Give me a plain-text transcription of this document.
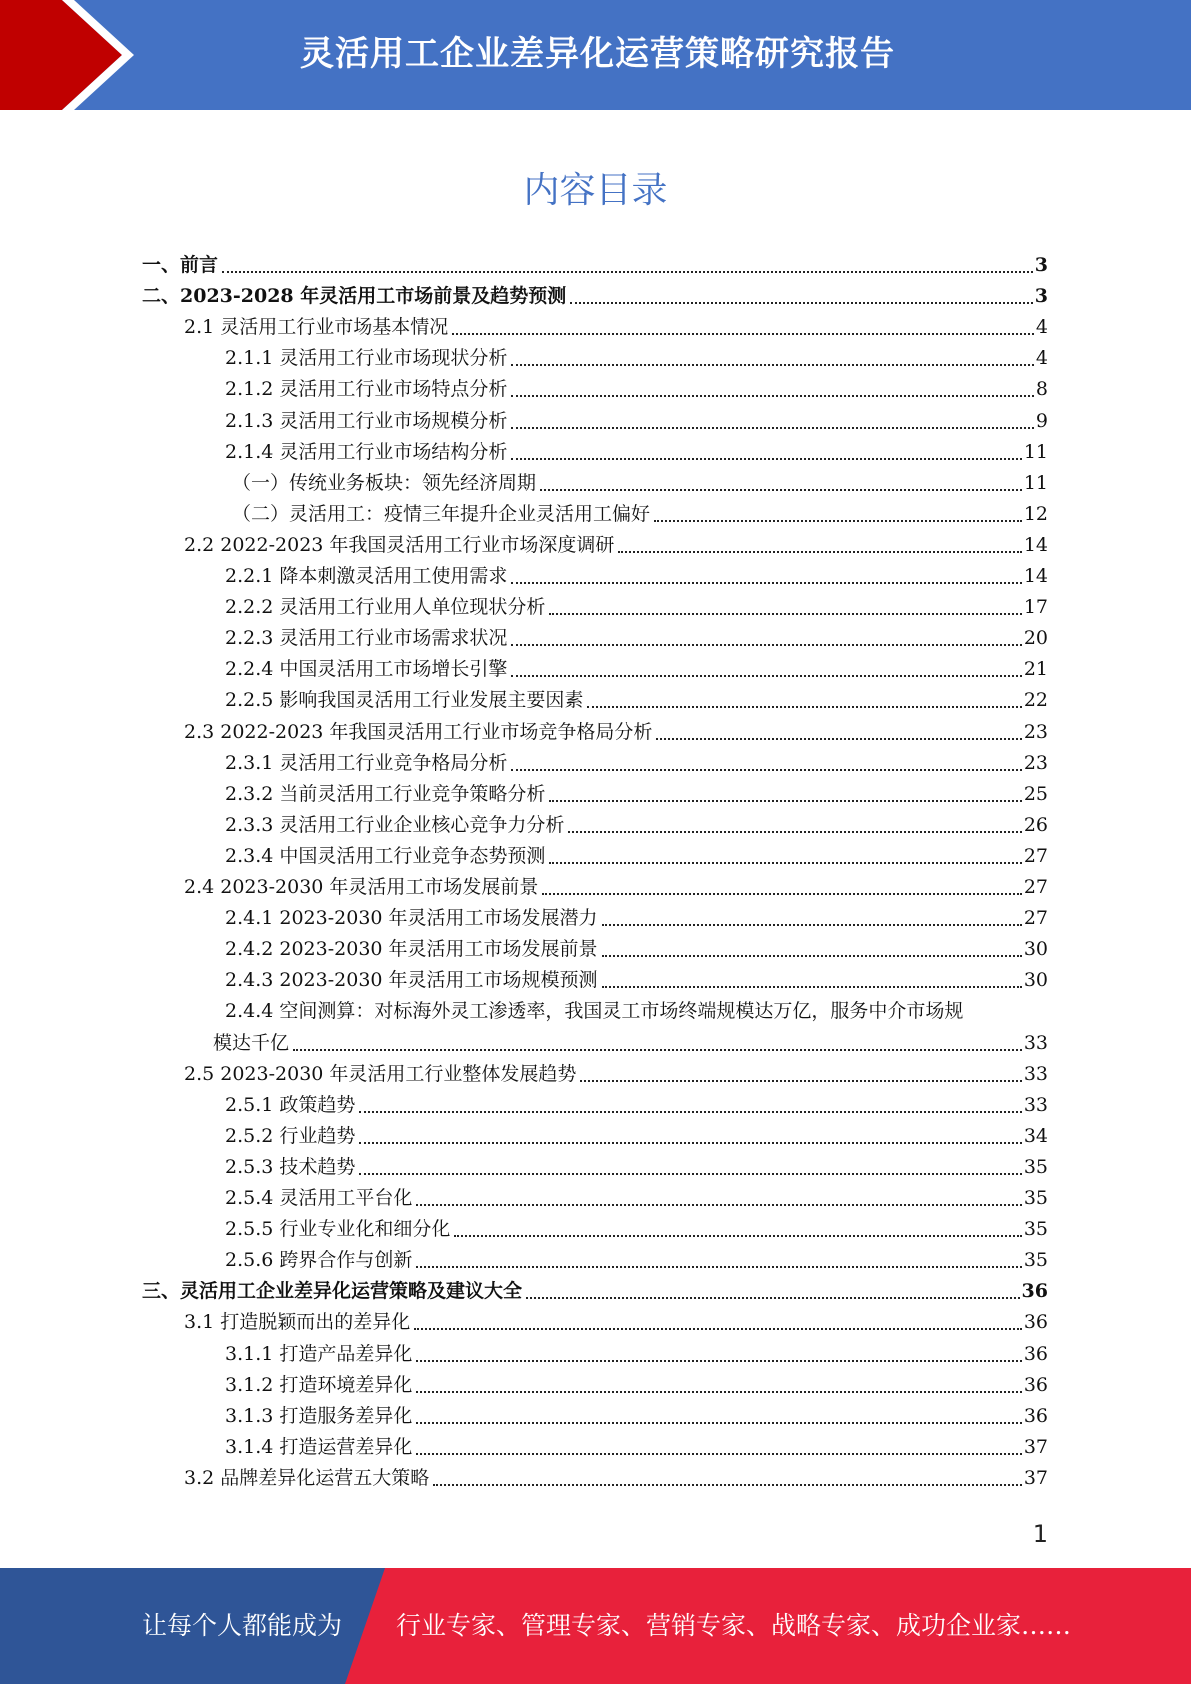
灵活用工企业差异化运营策略研究报告
内容目录
一、前言	3
二、2023-2028 年灵活用工市场前景及趋势预测	3
2.1 灵活用工行业市场基本情况	4
2.1.1 灵活用工行业市场现状分析	4
2.1.2 灵活用工行业市场特点分析	8
2.1.3 灵活用工行业市场规模分析	9
2.1.4 灵活用工行业市场结构分析	11
（一）传统业务板块：领先经济周期	11
（二）灵活用工：疫情三年提升企业灵活用工偏好	12
2.2 2022-2023 年我国灵活用工行业市场深度调研	14
2.2.1 降本刺激灵活用工使用需求	14
2.2.2 灵活用工行业用人单位现状分析	17
2.2.3 灵活用工行业市场需求状况	20
2.2.4 中国灵活用工市场增长引擎	21
2.2.5 影响我国灵活用工行业发展主要因素	22
2.3 2022-2023 年我国灵活用工行业市场竞争格局分析	23
2.3.1 灵活用工行业竞争格局分析	23
2.3.2 当前灵活用工行业竞争策略分析	25
2.3.3 灵活用工行业企业核心竞争力分析	26
2.3.4 中国灵活用工行业竞争态势预测	27
2.4 2023-2030 年灵活用工市场发展前景	27
2.4.1 2023-2030 年灵活用工市场发展潜力	27
2.4.2 2023-2030 年灵活用工市场发展前景	30
2.4.3 2023-2030 年灵活用工市场规模预测	30
2.4.4 空间测算：对标海外灵工渗透率，我国灵工市场终端规模达万亿，服务中介市场规
模达千亿	33
2.5 2023-2030 年灵活用工行业整体发展趋势	33
2.5.1 政策趋势	33
2.5.2 行业趋势	34
2.5.3 技术趋势	35
2.5.4 灵活用工平台化	35
2.5.5 行业专业化和细分化	35
2.5.6 跨界合作与创新	35
三、灵活用工企业差异化运营策略及建议大全	36
3.1 打造脱颖而出的差异化	36
3.1.1 打造产品差异化	36
3.1.2 打造环境差异化	36
3.1.3 打造服务差异化	36
3.1.4 打造运营差异化	37
3.2 品牌差异化运营五大策略	37
1
让每个人都能成为 行业专家、管理专家、营销专家、战略专家、成功企业家……
